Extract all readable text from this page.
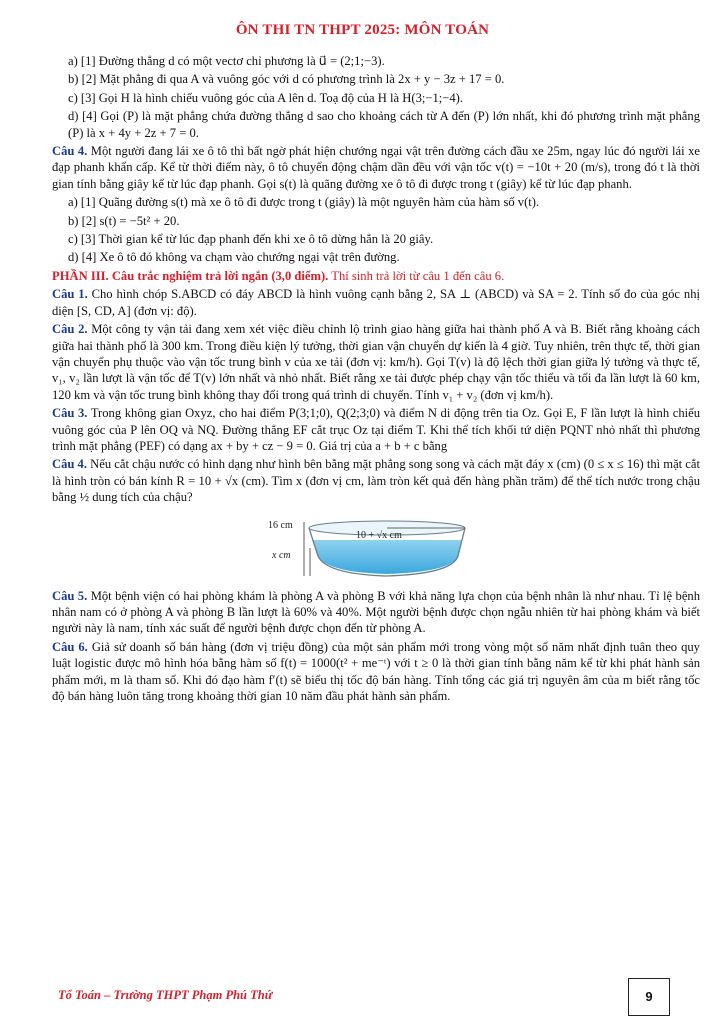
ÔN THI TN THPT 2025: MÔN TOÁN

a) [1] Đường thẳng d có một vectơ chỉ phương là u⃗ = (2;1;−3).

b) [2] Mặt phẳng đi qua A và vuông góc với d có phương trình là 2x + y − 3z + 17 = 0.

c) [3] Gọi H là hình chiếu vuông góc của A lên d. Toạ độ của H là H(3;−1;−4).

d) [4] Gọi (P) là mặt phẳng chứa đường thẳng d sao cho khoảng cách từ A đến (P) lớn nhất, khi đó phương trình mặt phẳng (P) là x + 4y + 2z + 7 = 0.

Câu 4. Một người đang lái xe ô tô thì bất ngờ phát hiện chướng ngại vật trên đường cách đầu xe 25m, ngay lúc đó người lái xe đạp phanh khẩn cấp. Kể từ thời điểm này, ô tô chuyển động chậm dần đều với vận tốc v(t) = −10t + 20 (m/s), trong đó t là thời gian tính bằng giây kể từ lúc đạp phanh. Gọi s(t) là quãng đường xe ô tô đi được trong t (giây) kể từ lúc đạp phanh.

a) [1] Quãng đường s(t) mà xe ô tô đi được trong t (giây) là một nguyên hàm của hàm số v(t).

b) [2] s(t) = −5t² + 20.

c) [3] Thời gian kể từ lúc đạp phanh đến khi xe ô tô dừng hẳn là 20 giây.

d) [4] Xe ô tô đó không va chạm vào chướng ngại vật trên đường.

PHẦN III. Câu trắc nghiệm trả lời ngắn (3,0 điểm). Thí sinh trả lời từ câu 1 đến câu 6.

Câu 1. Cho hình chóp S.ABCD có đáy ABCD là hình vuông cạnh bằng 2, SA ⊥ (ABCD) và SA = 2. Tính số đo của góc nhị diện [S, CD, A] (đơn vị: độ).

Câu 2. Một công ty vận tải đang xem xét việc điều chỉnh lộ trình giao hàng giữa hai thành phố A và B. Biết rằng khoảng cách giữa hai thành phố là 300 km. Trong điều kiện lý tưởng, thời gian vận chuyển dự kiến là 4 giờ. Tuy nhiên, trên thực tế, thời gian vận chuyển phụ thuộc vào vận tốc trung bình v của xe tải (đơn vị: km/h). Gọi T(v) là độ lệch thời gian giữa lý tưởng và thực tế, v₁, v₂ lần lượt là vận tốc để T(v) lớn nhất và nhỏ nhất. Biết rằng xe tải được phép chạy vận tốc thiểu và tối đa lần lượt là 60 km, 120 km và vận tốc trung bình không thay đổi trong quá trình di chuyển. Tính v₁ + v₂ (đơn vị km/h).

Câu 3. Trong không gian Oxyz, cho hai điểm P(3;1;0), Q(2;3;0) và điểm N di động trên tia Oz. Gọi E, F lần lượt là hình chiếu vuông góc của P lên OQ và NQ. Đường thẳng EF cắt trục Oz tại điểm T. Khi thể tích khối tứ diện PQNT nhỏ nhất thì phương trình mặt phẳng (PEF) có dạng ax + by + cz − 9 = 0. Giá trị của a + b + c bằng

Câu 4. Nếu cắt chậu nước có hình dạng như hình bên bằng mặt phẳng song song và cách mặt đáy x (cm) (0 ≤ x ≤ 16) thì mặt cắt là hình tròn có bán kính R = 10 + √x (cm). Tìm x (đơn vị cm, làm tròn kết quả đến hàng phần trăm) để thể tích nước trong chậu bằng ½ dung tích của chậu?

16 cm
x cm
10 + √x cm

Câu 5. Một bệnh viện có hai phòng khám là phòng A và phòng B với khả năng lựa chọn của bệnh nhân là như nhau. Tỉ lệ bệnh nhân nam có ở phòng A và phòng B lần lượt là 60% và 40%. Một người bệnh được chọn ngẫu nhiên từ hai phòng khám và biết người này là nam, tính xác suất để người bệnh được chọn đến từ phòng A.

Câu 6. Giả sử doanh số bán hàng (đơn vị triệu đồng) của một sản phẩm mới trong vòng một số năm nhất định tuân theo quy luật logistic được mô hình hóa bằng hàm số f(t) = 1000(t² + me⁻ᵗ) với t ≥ 0 là thời gian tính bằng năm kể từ khi phát hành sản phẩm mới, m là tham số. Khi đó đạo hàm f′(t) sẽ biểu thị tốc độ bán hàng. Tính tổng các giá trị nguyên âm của m biết rằng tốc độ bán hàng luôn tăng trong khoảng thời gian 10 năm đầu phát hành sản phẩm.

Tổ Toán – Trường THPT Phạm Phú Thứ	9
